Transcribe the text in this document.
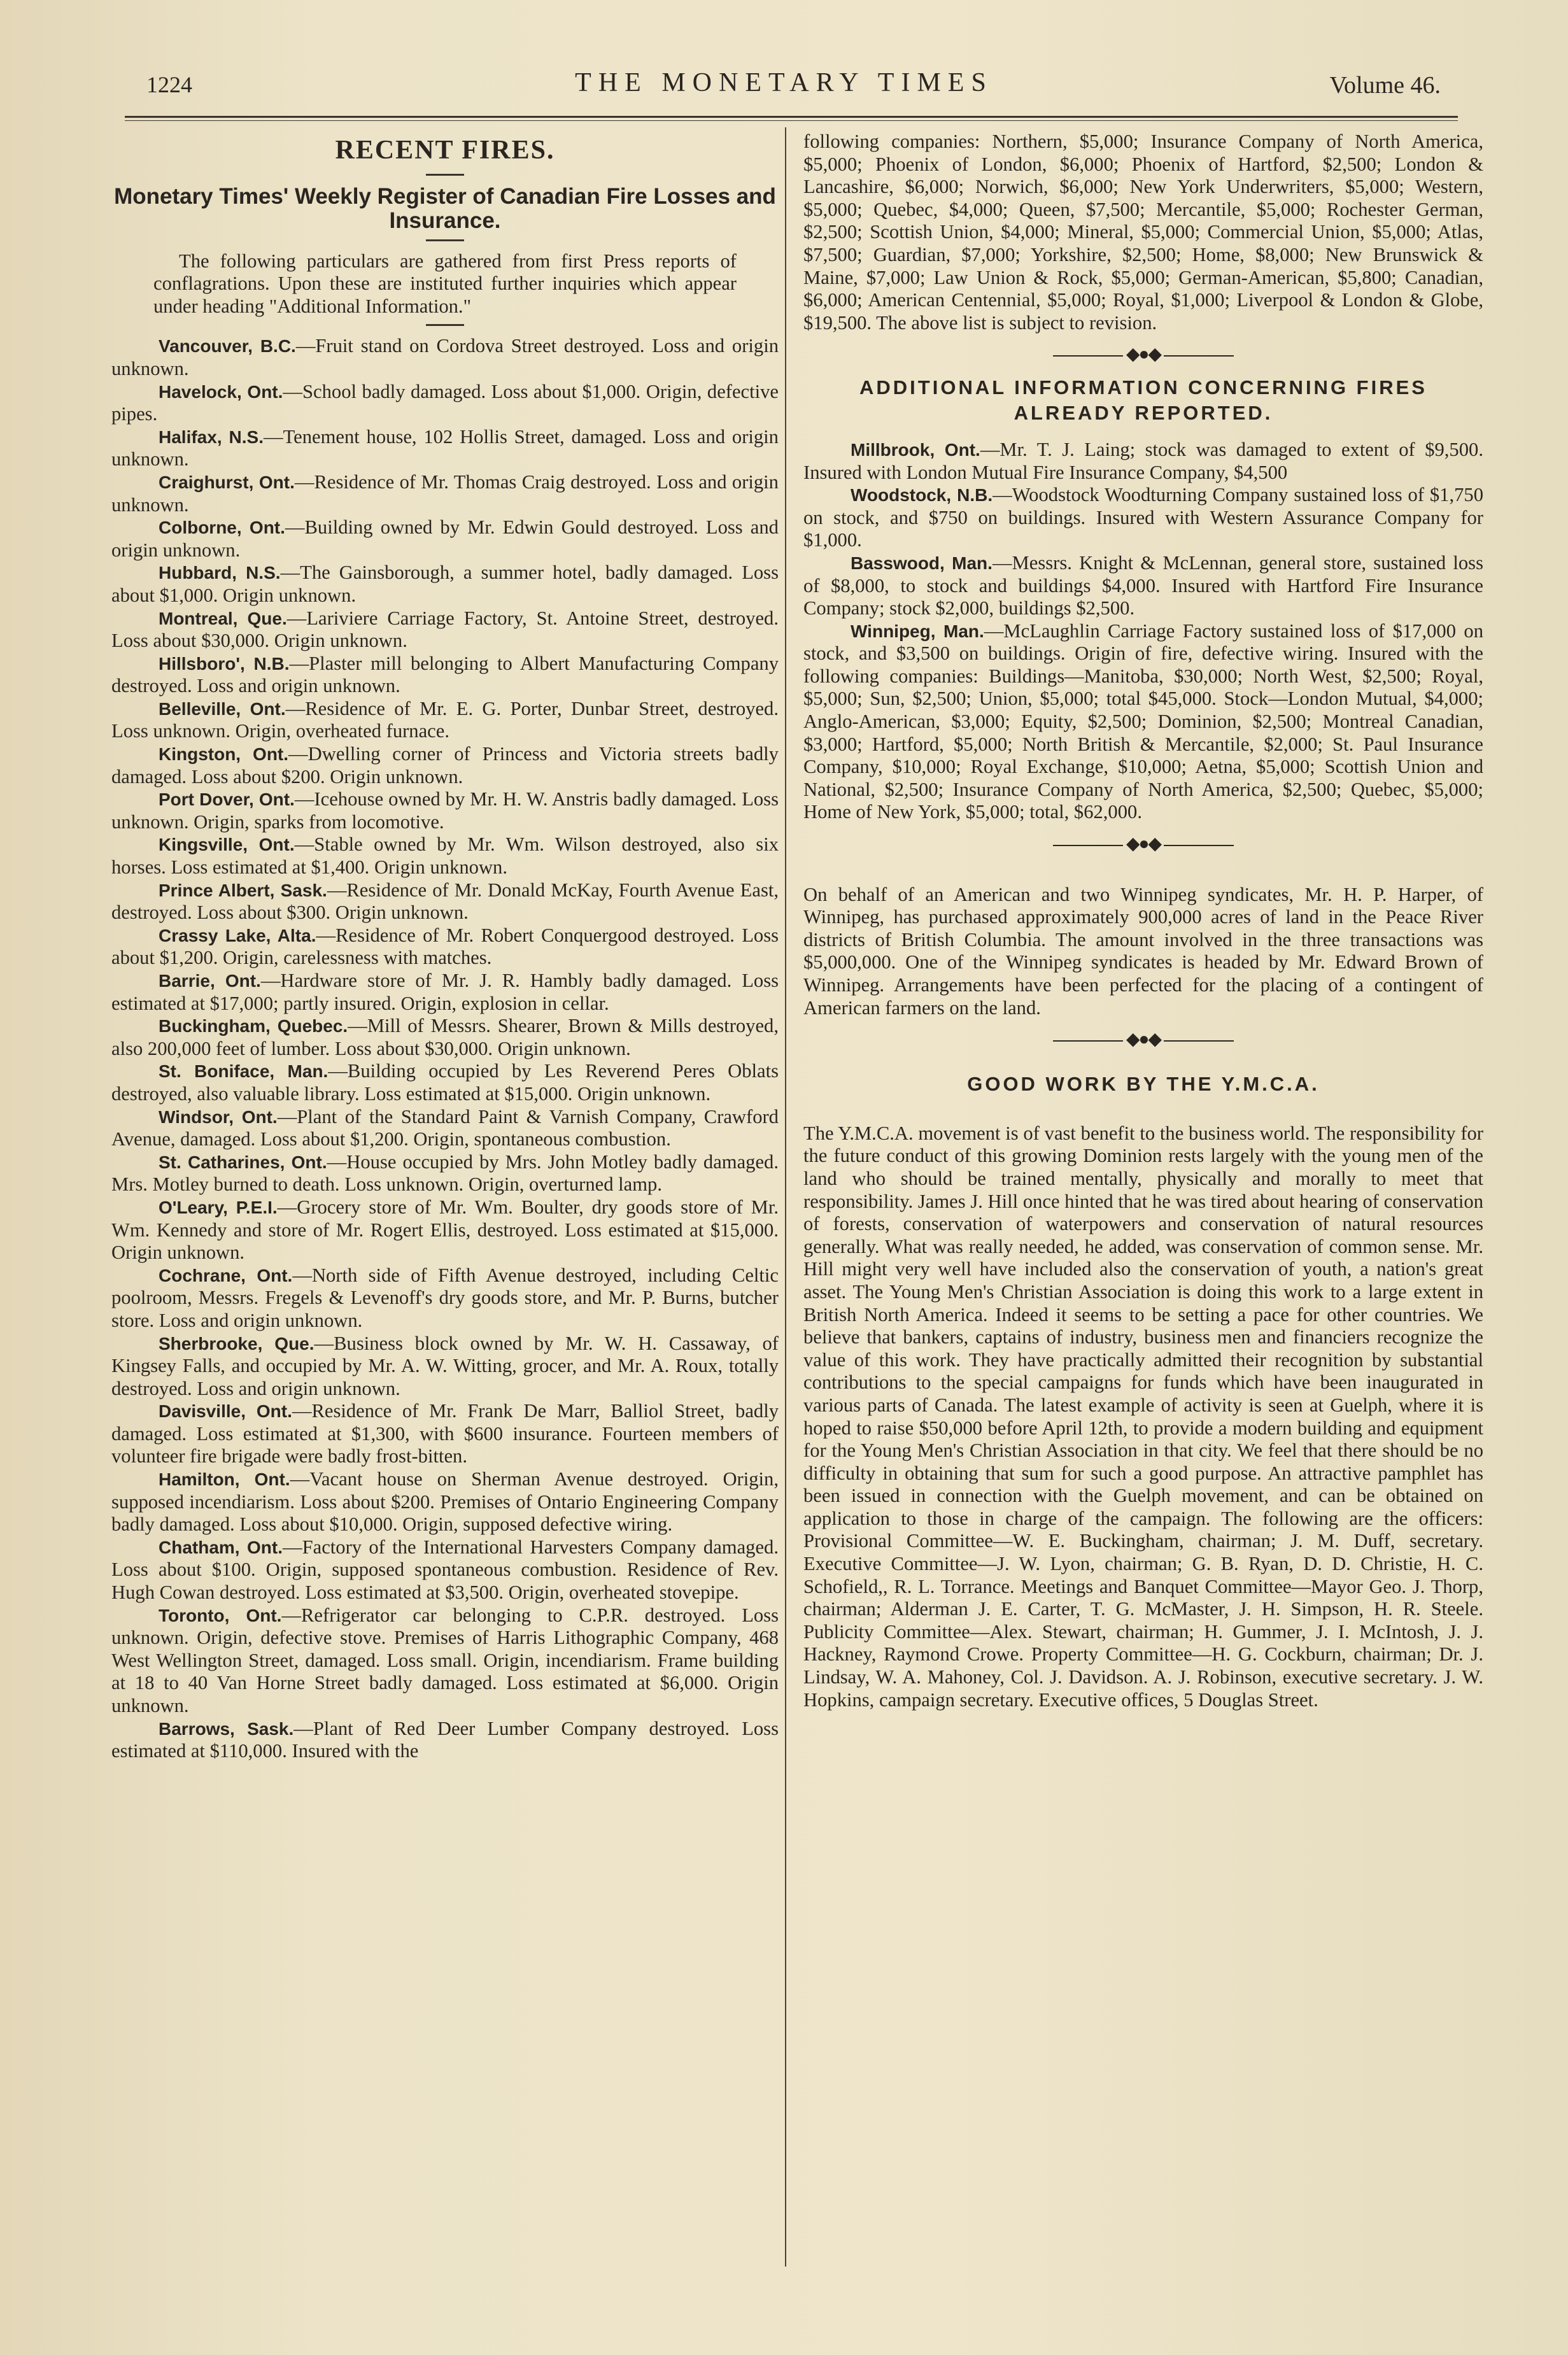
1224	THE MONETARY TIMES	Volume 46.
RECENT FIRES.
Monetary Times' Weekly Register of Canadian Fire Losses and Insurance.

The following particulars are gathered from first Press reports of conflagrations. Upon these are instituted further inquiries which appear under heading "Additional Information."

Vancouver, B.C.—Fruit stand on Cordova Street destroyed. Loss and origin unknown.

Havelock, Ont.—School badly damaged. Loss about $1,000. Origin, defective pipes.

Halifax, N.S.—Tenement house, 102 Hollis Street, damaged. Loss and origin unknown.

Craighurst, Ont.—Residence of Mr. Thomas Craig destroyed. Loss and origin unknown.

Colborne, Ont.—Building owned by Mr. Edwin Gould destroyed. Loss and origin unknown.

Hubbard, N.S.—The Gainsborough, a summer hotel, badly damaged. Loss about $1,000. Origin unknown.

Montreal, Que.—Lariviere Carriage Factory, St. Antoine Street, destroyed. Loss about $30,000. Origin unknown.

Hillsboro', N.B.—Plaster mill belonging to Albert Manufacturing Company destroyed. Loss and origin unknown.

Belleville, Ont.—Residence of Mr. E. G. Porter, Dunbar Street, destroyed. Loss unknown. Origin, overheated furnace.

Kingston, Ont.—Dwelling corner of Princess and Victoria streets badly damaged. Loss about $200. Origin unknown.

Port Dover, Ont.—Icehouse owned by Mr. H. W. Anstris badly damaged. Loss unknown. Origin, sparks from locomotive.

Kingsville, Ont.—Stable owned by Mr. Wm. Wilson destroyed, also six horses. Loss estimated at $1,400. Origin unknown.

Prince Albert, Sask.—Residence of Mr. Donald McKay, Fourth Avenue East, destroyed. Loss about $300. Origin unknown.

Crassy Lake, Alta.—Residence of Mr. Robert Conquergood destroyed. Loss about $1,200. Origin, carelessness with matches.

Barrie, Ont.—Hardware store of Mr. J. R. Hambly badly damaged. Loss estimated at $17,000; partly insured. Origin, explosion in cellar.

Buckingham, Quebec.—Mill of Messrs. Shearer, Brown & Mills destroyed, also 200,000 feet of lumber. Loss about $30,000. Origin unknown.

St. Boniface, Man.—Building occupied by Les Reverend Peres Oblats destroyed, also valuable library. Loss estimated at $15,000. Origin unknown.

Windsor, Ont.—Plant of the Standard Paint & Varnish Company, Crawford Avenue, damaged. Loss about $1,200. Origin, spontaneous combustion.

St. Catharines, Ont.—House occupied by Mrs. John Motley badly damaged. Mrs. Motley burned to death. Loss unknown. Origin, overturned lamp.

O'Leary, P.E.I.—Grocery store of Mr. Wm. Boulter, dry goods store of Mr. Wm. Kennedy and store of Mr. Rogert Ellis, destroyed. Loss estimated at $15,000. Origin unknown.

Cochrane, Ont.—North side of Fifth Avenue destroyed, including Celtic poolroom, Messrs. Fregels & Levenoff's dry goods store, and Mr. P. Burns, butcher store. Loss and origin unknown.

Sherbrooke, Que.—Business block owned by Mr. W. H. Cassaway, of Kingsey Falls, and occupied by Mr. A. W. Witting, grocer, and Mr. A. Roux, totally destroyed. Loss and origin unknown.

Davisville, Ont.—Residence of Mr. Frank De Marr, Balliol Street, badly damaged. Loss estimated at $1,300, with $600 insurance. Fourteen members of volunteer fire brigade were badly frost-bitten.

Hamilton, Ont.—Vacant house on Sherman Avenue destroyed. Origin, supposed incendiarism. Loss about $200. Premises of Ontario Engineering Company badly damaged. Loss about $10,000. Origin, supposed defective wiring.

Chatham, Ont.—Factory of the International Harvesters Company damaged. Loss about $100. Origin, supposed spontaneous combustion. Residence of Rev. Hugh Cowan destroyed. Loss estimated at $3,500. Origin, overheated stovepipe.

Toronto, Ont.—Refrigerator car belonging to C.P.R. destroyed. Loss unknown. Origin, defective stove. Premises of Harris Lithographic Company, 468 West Wellington Street, damaged. Loss small. Origin, incendiarism. Frame building at 18 to 40 Van Horne Street badly damaged. Loss estimated at $6,000. Origin unknown.

Barrows, Sask.—Plant of Red Deer Lumber Company destroyed. Loss estimated at $110,000. Insured with the

following companies: Northern, $5,000; Insurance Company of North America, $5,000; Phoenix of London, $6,000; Phoenix of Hartford, $2,500; London & Lancashire, $6,000; Norwich, $6,000; New York Underwriters, $5,000; Western, $5,000; Quebec, $4,000; Queen, $7,500; Mercantile, $5,000; Rochester German, $2,500; Scottish Union, $4,000; Mineral, $5,000; Commercial Union, $5,000; Atlas, $7,500; Guardian, $7,000; Yorkshire, $2,500; Home, $8,000; New Brunswick & Maine, $7,000; Law Union & Rock, $5,000; German-American, $5,800; Canadian, $6,000; American Centennial, $5,000; Royal, $1,000; Liverpool & London & Globe, $19,500. The above list is subject to revision.

◆●◆
ADDITIONAL INFORMATION CONCERNING FIRES ALREADY REPORTED.

Millbrook, Ont.—Mr. T. J. Laing; stock was damaged to extent of $9,500. Insured with London Mutual Fire Insurance Company, $4,500

Woodstock, N.B.—Woodstock Woodturning Company sustained loss of $1,750 on stock, and $750 on buildings. Insured with Western Assurance Company for $1,000.

Basswood, Man.—Messrs. Knight & McLennan, general store, sustained loss of $8,000, to stock and buildings $4,000. Insured with Hartford Fire Insurance Company; stock $2,000, buildings $2,500.

Winnipeg, Man.—McLaughlin Carriage Factory sustained loss of $17,000 on stock, and $3,500 on buildings. Origin of fire, defective wiring. Insured with the following companies: Buildings—Manitoba, $30,000; North West, $2,500; Royal, $5,000; Sun, $2,500; Union, $5,000; total $45,000. Stock—London Mutual, $4,000; Anglo-American, $3,000; Equity, $2,500; Dominion, $2,500; Montreal Canadian, $3,000; Hartford, $5,000; North British & Mercantile, $2,000; St. Paul Insurance Company, $10,000; Royal Exchange, $10,000; Aetna, $5,000; Scottish Union and National, $2,500; Insurance Company of North America, $2,500; Quebec, $5,000; Home of New York, $5,000; total, $62,000.

◆●◆

On behalf of an American and two Winnipeg syndicates, Mr. H. P. Harper, of Winnipeg, has purchased approximately 900,000 acres of land in the Peace River districts of British Columbia. The amount involved in the three transactions was $5,000,000. One of the Winnipeg syndicates is headed by Mr. Edward Brown of Winnipeg. Arrangements have been perfected for the placing of a contingent of American farmers on the land.

◆●◆
GOOD WORK BY THE Y.M.C.A.

The Y.M.C.A. movement is of vast benefit to the business world. The responsibility for the future conduct of this growing Dominion rests largely with the young men of the land who should be trained mentally, physically and morally to meet that responsibility. James J. Hill once hinted that he was tired about hearing of conservation of forests, conservation of waterpowers and conservation of natural resources generally. What was really needed, he added, was conservation of common sense. Mr. Hill might very well have included also the conservation of youth, a nation's great asset. The Young Men's Christian Association is doing this work to a large extent in British North America. Indeed it seems to be setting a pace for other countries. We believe that bankers, captains of industry, business men and financiers recognize the value of this work. They have practically admitted their recognition by substantial contributions to the special campaigns for funds which have been inaugurated in various parts of Canada. The latest example of activity is seen at Guelph, where it is hoped to raise $50,000 before April 12th, to provide a modern building and equipment for the Young Men's Christian Association in that city. We feel that there should be no difficulty in obtaining that sum for such a good purpose. An attractive pamphlet has been issued in connection with the Guelph movement, and can be obtained on application to those in charge of the campaign. The following are the officers: Provisional Committee—W. E. Buckingham, chairman; J. M. Duff, secretary. Executive Committee—J. W. Lyon, chairman; G. B. Ryan, D. D. Christie, H. C. Schofield,, R. L. Torrance. Meetings and Banquet Committee—Mayor Geo. J. Thorp, chairman; Alderman J. E. Carter, T. G. McMaster, J. H. Simpson, H. R. Steele. Publicity Committee—Alex. Stewart, chairman; H. Gummer, J. I. McIntosh, J. J. Hackney, Raymond Crowe. Property Committee—H. G. Cockburn, chairman; Dr. J. Lindsay, W. A. Mahoney, Col. J. Davidson. A. J. Robinson, executive secretary. J. W. Hopkins, campaign secretary. Executive offices, 5 Douglas Street.
